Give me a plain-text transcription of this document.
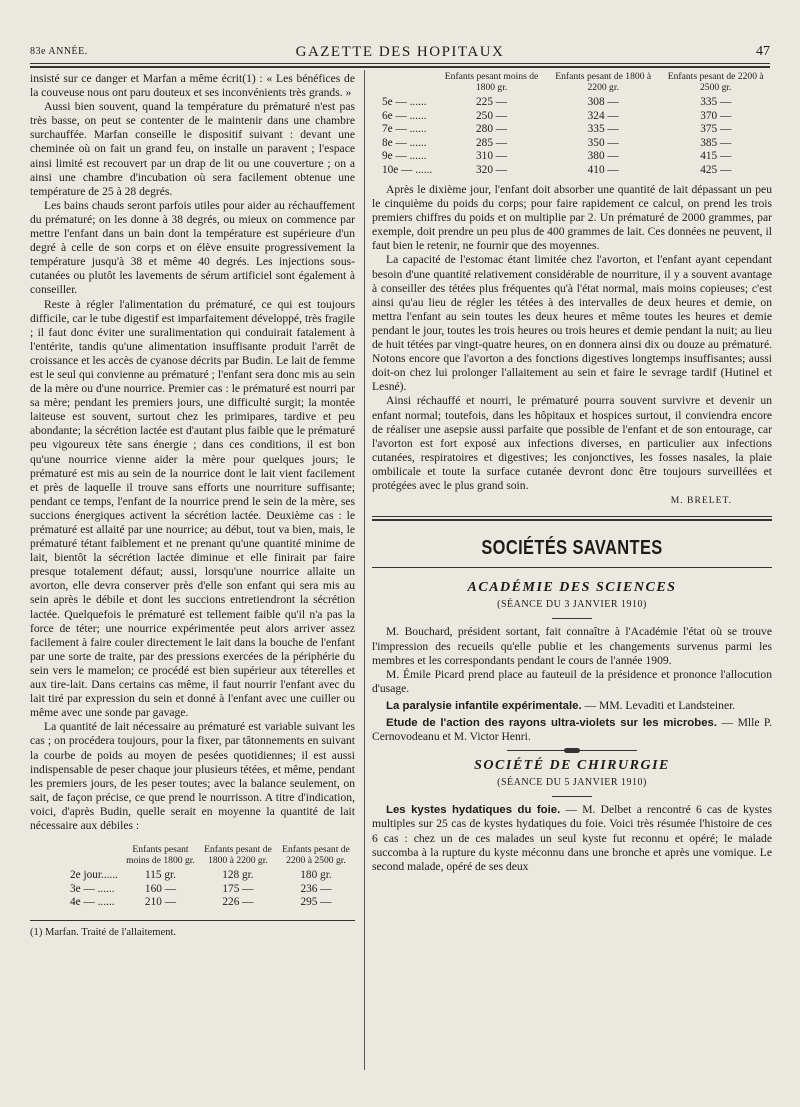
83e ANNÉE.	GAZETTE DES HOPITAUX	47

insisté sur ce danger et Marfan a même écrit(1) : « Les bénéfices de la couveuse nous ont paru douteux et ses inconvénients très grands. »

Aussi bien souvent, quand la température du prématuré n'est pas très basse, on peut se contenter de le maintenir dans une chambre surchauffée. Marfan conseille le dispositif suivant : devant une cheminée où on fait un grand feu, on installe un paravent ; l'espace ainsi limité est recouvert par un drap de lit ou une couverture ; on a ainsi une chambre d'incubation où sera facilement obtenue une température de 25 à 28 degrés.

Les bains chauds seront parfois utiles pour aider au réchauffement du prématuré; on les donne à 38 degrés, ou mieux on commence par mettre l'enfant dans un bain dont la température est supérieure d'un degré à celle de son corps et on élève ensuite progressivement la température jusqu'à 38 et même 40 degrés. Les injections sous-cutanées ou plutôt les lavements de sérum artificiel sont également à conseiller.

Reste à régler l'alimentation du prématuré, ce qui est toujours difficile, car le tube digestif est imparfaitement développé, très fragile ; il faut donc éviter une suralimentation qui conduirait fatalement à l'entérite, tandis qu'une alimentation insuffisante produit l'arrêt de croissance et les accès de cyanose décrits par Budin. Le lait de femme est le seul qui convienne au prématuré ; l'enfant sera donc mis au sein de la mère ou d'une nourrice. Premier cas : le prématuré est nourri par sa mère; pendant les premiers jours, une difficulté surgit; la montée laiteuse est souvent, surtout chez les primipares, tardive et peu abondante; la sécrétion lactée est d'autant plus faible que le prématuré peu vigoureux tète sans énergie ; dans ces conditions, il est bon qu'une nourrice vienne aider la mère pour quelques jours; le prématuré est mis au sein de la nourrice dont le lait vient facilement et près de laquelle il trouve sans efforts une nourriture suffisante; pendant ce temps, l'enfant de la nourrice prend le sein de la mère, ses succions énergiques activent la sécrétion lactée. Deuxième cas : le prématuré est allaité par une nourrice; au début, tout va bien, mais, le prématuré tétant faiblement et ne prenant qu'une quantité minime de lait, bientôt la sécrétion lactée diminue et elle finirait par faire presque totalement défaut; aussi, lorsqu'une nourrice allaite un avorton, elle devra conserver près d'elle son enfant qui sera mis au sein après le débile et dont les succions entretiendront la sécrétion lactée. Quelquefois le prématuré est tellement faible qu'il n'a pas la force de téter; une nourrice expérimentée peut alors arriver assez facilement à faire couler directement le lait dans la bouche de l'enfant par une sorte de traite, par des pressions exercées de la périphérie du sein vers le mamelon; ce procédé est bien supérieur aux téterelles et aux tire-lait. Dans certains cas même, il faut nourrir l'enfant avec du lait tiré par expression du sein et donné à l'enfant avec une cuiller ou même avec une sonde par gavage.

La quantité de lait nécessaire au prématuré est variable suivant les cas ; on procédera toujours, pour la fixer, par tâtonnements en suivant la courbe de poids au moyen de pesées quotidiennes; il est aussi indispensable de peser chaque jour plusieurs tétées, et même, pendant les premiers jours, de les peser toutes; avec la balance seulement, on sait, de façon précise, ce que prend le nourrisson. A titre d'indication, voici, d'après Budin, quelle serait en moyenne la quantité de lait nécessaire aux débiles :

	Enfants pesant moins de 1800 gr.	Enfants pesant de 1800 à 2200 gr.	Enfants pesant de 2200 à 2500 gr.
2e jour......	115 gr.	128 gr.	180 gr.
3e — ......	160 —	175 —	236 —
4e — ......	210 —	226 —	295 —
(1) Marfan. Traité de l'allaitement.
	Enfants pesant moins de 1800 gr.	Enfants pesant de 1800 à 2200 gr.	Enfants pesant de 2200 à 2500 gr.
5e — ......	225 —	308 —	335 —
6e — ......	250 —	324 —	370 —
7e — ......	280 —	335 —	375 —
8e — ......	285 —	350 —	385 —
9e — ......	310 —	380 —	415 —
10e — ......	320 —	410 —	425 —

Après le dixième jour, l'enfant doit absorber une quantité de lait dépassant un peu le cinquième du poids du corps; pour faire rapidement ce calcul, on prend les trois premiers chiffres du poids et on multiplie par 2. Un prématuré de 2000 grammes, par exemple, doit prendre un peu plus de 400 grammes de lait. Ces données ne peuvent, il faut bien le retenir, ne fournir que des moyennes.

La capacité de l'estomac étant limitée chez l'avorton, et l'enfant ayant cependant besoin d'une quantité relativement considérable de nourriture, il y a souvent avantage à conseiller des tétées plus fréquentes qu'à l'état normal, mais moins copieuses; c'est ainsi qu'au lieu de régler les tétées à des intervalles de deux heures et demie, on mettra l'enfant au sein toutes les deux heures et même toutes les heures et demie pendant le jour, toutes les trois heures ou trois heures et demie pendant la nuit; au lieu de huit tétées par vingt-quatre heures, on en donnera ainsi dix ou douze au prématuré. Notons encore que l'avorton a des fonctions digestives longtemps insuffisantes; aussi doit-on chez lui prolonger l'allaitement au sein et faire le sevrage tardif (Hutinel et Lesné).

Ainsi réchauffé et nourri, le prématuré pourra souvent survivre et devenir un enfant normal; toutefois, dans les hôpitaux et hospices surtout, il conviendra encore de réaliser une asepsie aussi parfaite que possible de l'enfant et de son entourage, car l'avorton est fort exposé aux infections diverses, en particulier aux infections cutanées, respiratoires et digestives; les conjonctives, les fosses nasales, la plaie ombilicale et toute la surface cutanée devront donc être toujours surveillées et protégées avec le plus grand soin.

M. BRELET.
SOCIÉTÉS SAVANTES
ACADÉMIE DES SCIENCES
(SÉANCE DU 3 JANVIER 1910)

M. Bouchard, président sortant, fait connaître à l'Académie l'état où se trouve l'impression des recueils qu'elle publie et les changements survenus parmi les membres et les correspondants pendant le cours de l'année 1909.

M. Émile Picard prend place au fauteuil de la présidence et prononce l'allocution d'usage.

La paralysie infantile expérimentale. — MM. Levaditi et Landsteiner.

Etude de l'action des rayons ultra-violets sur les microbes. — Mlle P. Cernovodeanu et M. Victor Henri.

SOCIÉTÉ DE CHIRURGIE
(SÉANCE DU 5 JANVIER 1910)

Les kystes hydatiques du foie. — M. Delbet a rencontré 6 cas de kystes multiples sur 25 cas de kystes hydatiques du foie. Voici très résumée l'histoire de ces 6 cas : chez un de ces malades un seul kyste fut reconnu et opéré; le malade succomba à la rupture du kyste méconnu dans une bronche et après une vomique. Le second malade, opéré de ses deux
